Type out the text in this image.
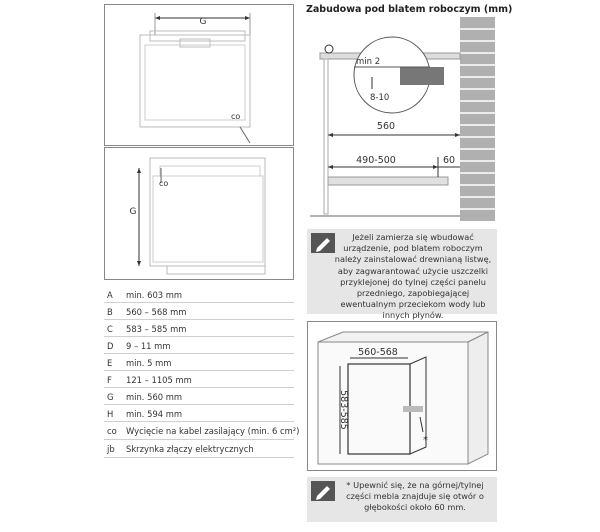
G
co
G
co
A min. 603 mm
B 560 – 568 mm
C 583 – 585 mm
D 9 – 11 mm
E min. 5 mm
F 121 – 1105 mm
G min. 560 mm
H min. 594 mm
co Wycięcie na kabel zasilający (min. 6 cm²)
jb Skrzynka złączy elektrycznych
Zabudowa pod blatem roboczym (mm)
min 2
8-10
560
490-500	60
Jeżeli zamierza się wbudować urządzenie, pod blatem roboczym należy zainstalować drewnianą listwę, aby zagwarantować użycie uszczelki przyklejonej do tylnej części panelu przedniego, zapobiegającej ewentualnym przeciekom wody lub innych płynów.
560-568
583-585
*
* Upewnić się, że na górnej/tylnej części mebla znajduje się otwór o głębokości około 60 mm.
